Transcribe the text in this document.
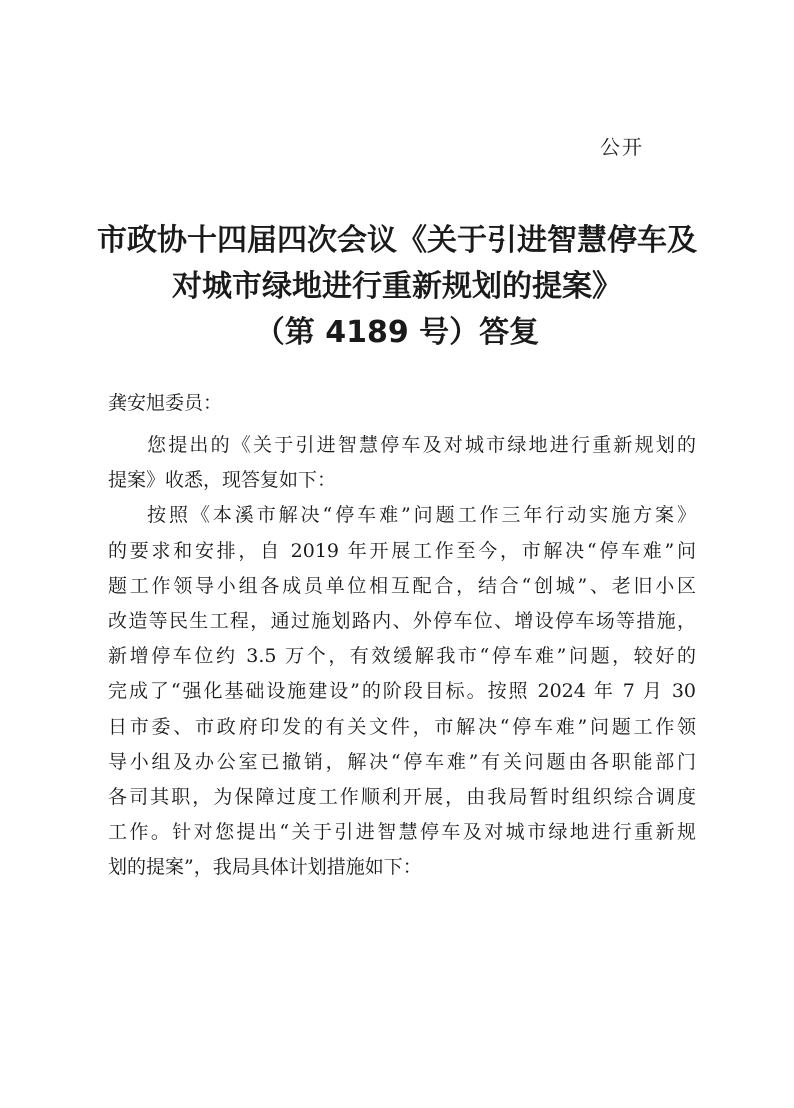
公开
市政协十四届四次会议《关于引进智慧停车及
对城市绿地进行重新规划的提案》
（第 4189 号）答复
龚安旭委员：
您提出的《关于引进智慧停车及对城市绿地进行重新规划的
提案》收悉，现答复如下：
按照《本溪市解决“停车难”问题工作三年行动实施方案》
的要求和安排，自 2019 年开展工作至今，市解决“停车难”问
题工作领导小组各成员单位相互配合，结合“创城”、老旧小区
改造等民生工程，通过施划路内、外停车位、增设停车场等措施，
新增停车位约 3.5 万个，有效缓解我市“停车难”问题，较好的
完成了“强化基础设施建设”的阶段目标。按照 2024 年 7 月 30
日市委、市政府印发的有关文件，市解决“停车难”问题工作领
导小组及办公室已撤销，解决“停车难”有关问题由各职能部门
各司其职，为保障过度工作顺利开展，由我局暂时组织综合调度
工作。针对您提出“关于引进智慧停车及对城市绿地进行重新规
划的提案”，我局具体计划措施如下：
